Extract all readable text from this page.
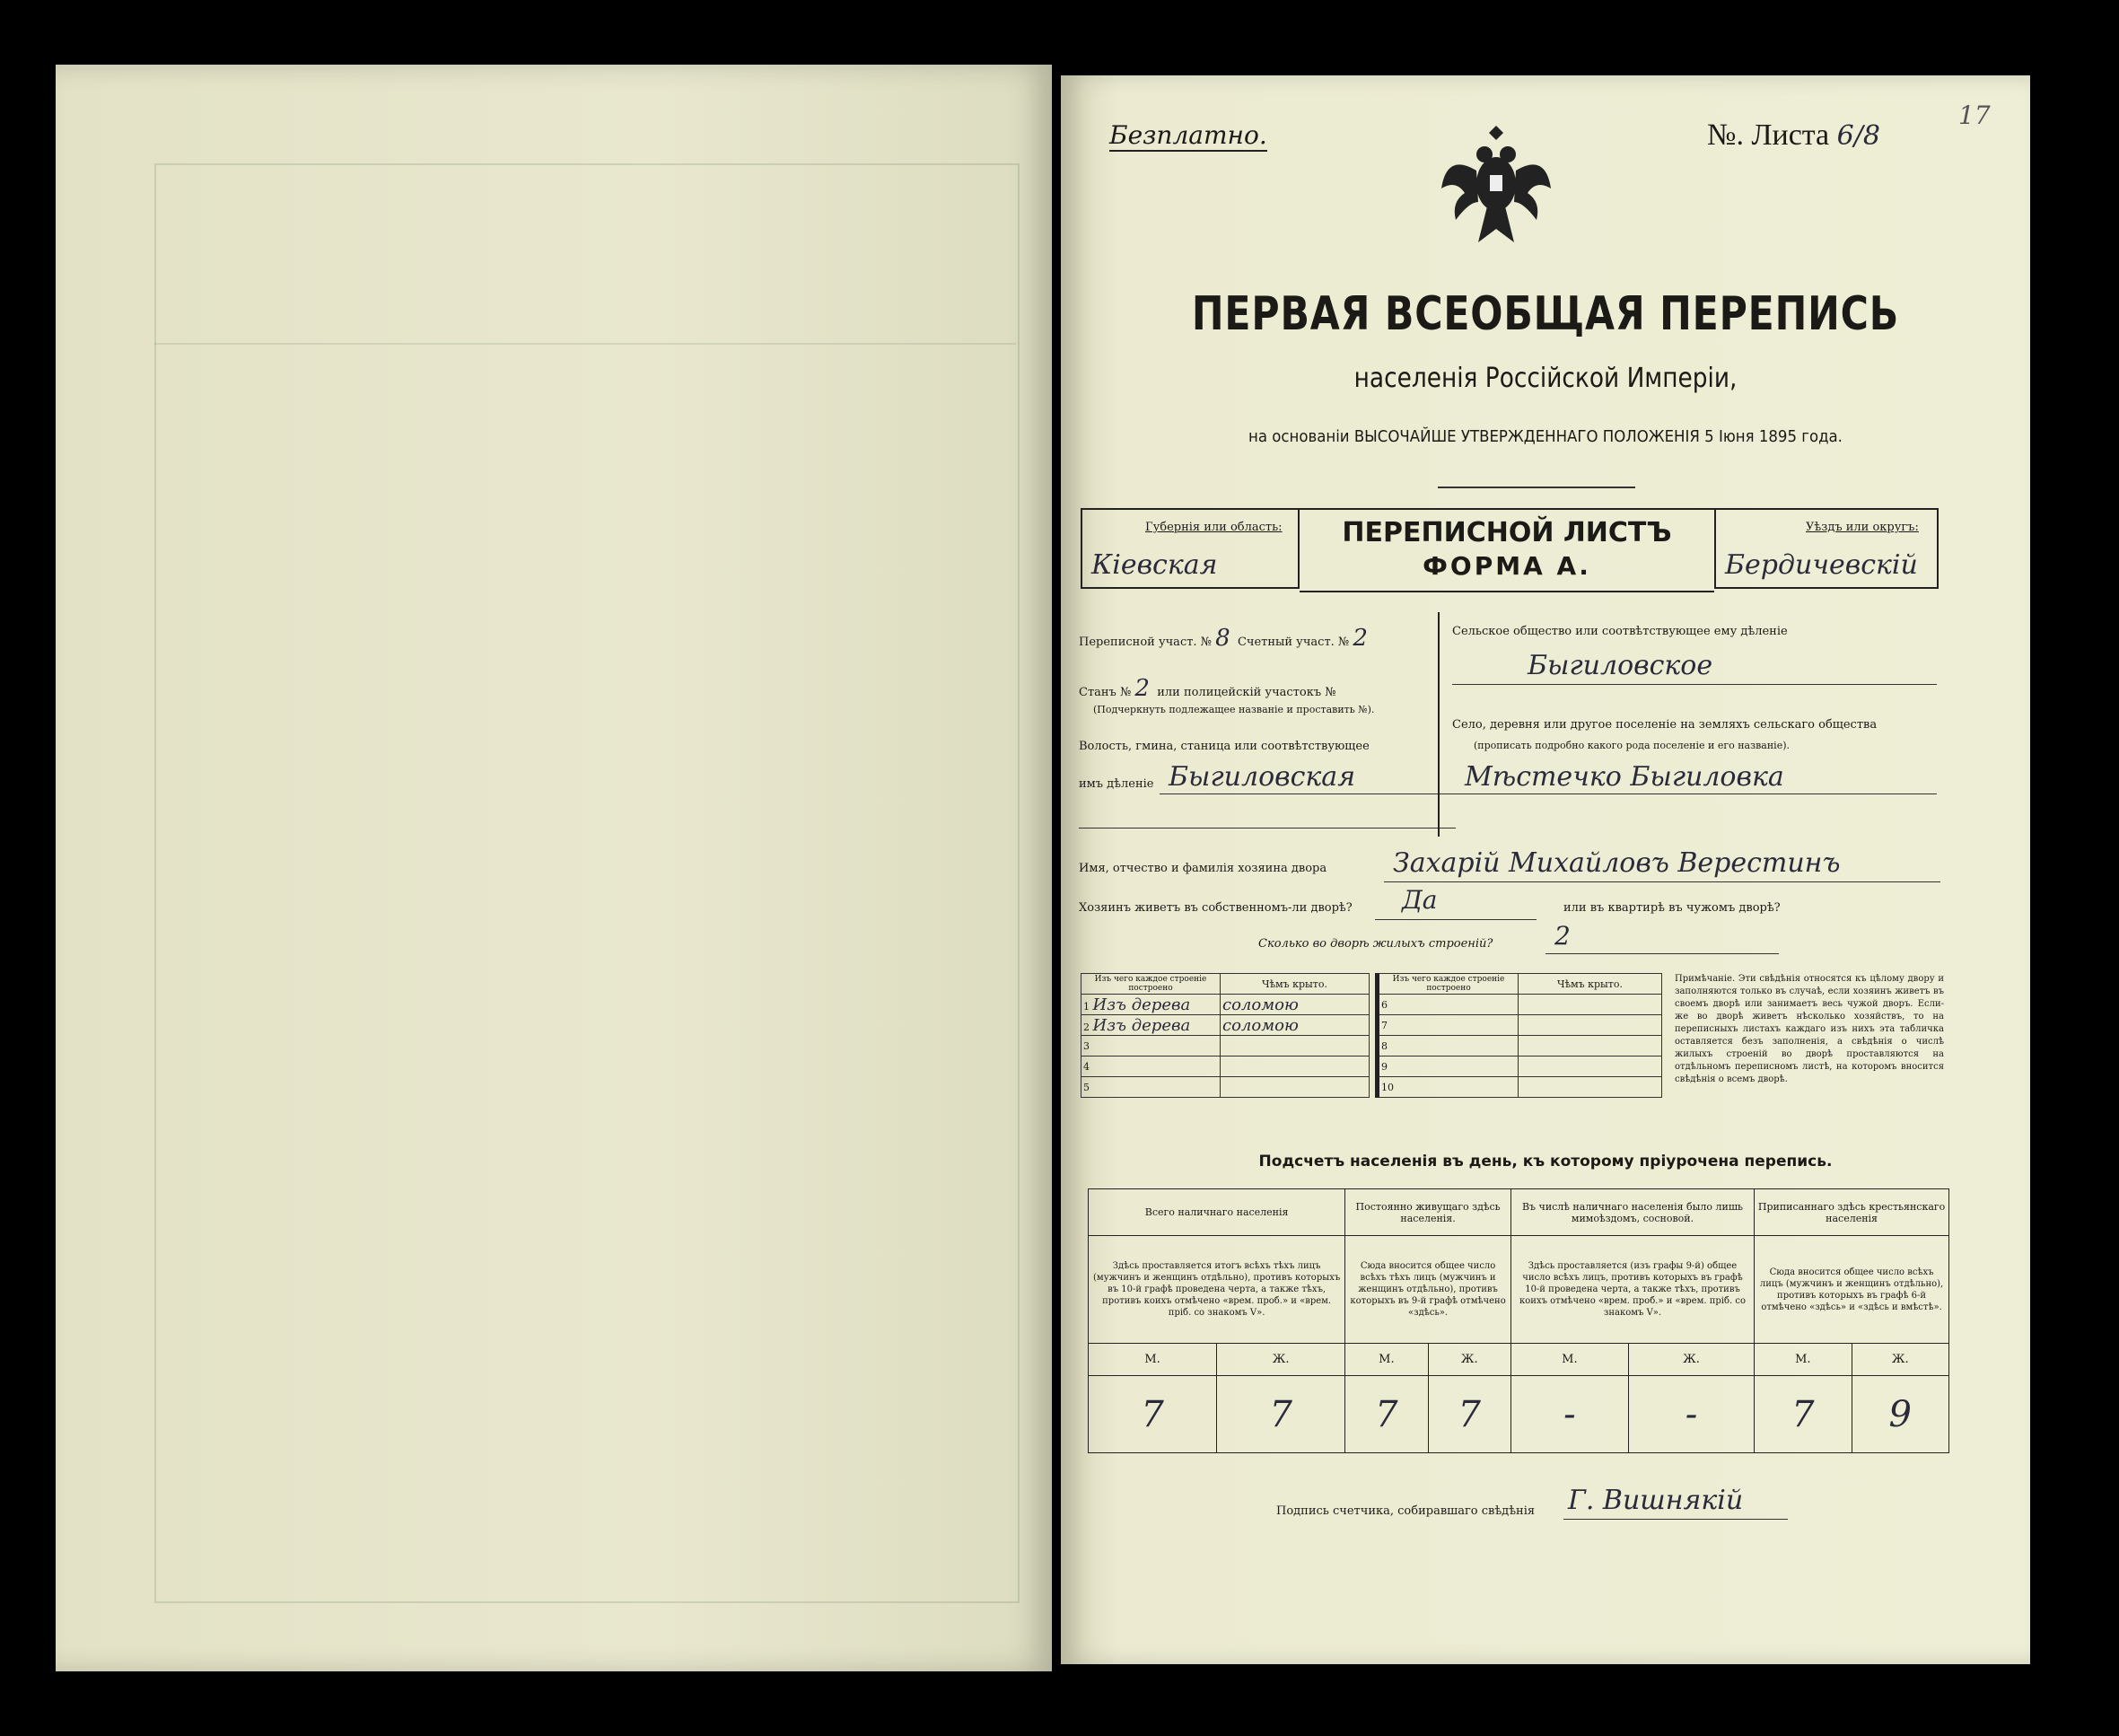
Безплатно.	№. Листа 6/8
17
ПЕРВАЯ ВСЕОБЩАЯ ПЕРЕПИСЬ
населенія Россійской Имперіи,
на основаніи ВЫСОЧАЙШЕ УТВЕРЖДЕННАГО ПОЛОЖЕНІЯ 5 Іюня 1895 года.
Губернія или область:
Кіевская
ПЕРЕПИСНОЙ ЛИСТЪ
ФОРМА А.
Уѣздъ или округъ:
Бердичевскій
Переписной участ. № 8 Счетный участ. № 2
Станъ № 2 или полицейскій участокъ №
(Подчеркнуть подлежащее названіе и проставить №).
Волость, гмина, станица или соотвѣтствующее
имъ дѣленіе Быгиловская
Сельское общество или соотвѣтствующее ему дѣленіе
Быгиловское
Село, деревня или другое поселеніе на земляхъ сельскаго общества
(прописать подробно какого рода поселеніе и его названіе).
Мѣстечко Быгиловка
Имя, отчество и фамилія хозяина двора Захарій Михайловъ Верестинъ
Хозяинъ живетъ въ собственномъ-ли дворѣ? Да	или въ квартирѣ въ чужомъ дворѣ?
Сколько во дворѣ жилыхъ строеній? 2
Изъ чего каждое строеніе построено	Чѣмъ крыто.
1 Изъ дерева	соломою
2 Изъ дерева	соломою
3	
4	
5	
Изъ чего каждое строеніе построено	Чѣмъ крыто.
6	
7	
8	
9	
10	
Примѣчаніе. Эти свѣдѣнія относятся къ цѣлому двору и заполняются только въ случаѣ, если хозяинъ живетъ въ своемъ дворѣ или занимаетъ весь чужой дворъ. Если-же во дворѣ живетъ нѣсколько хозяйствъ, то на переписныхъ листахъ каждаго изъ нихъ эта табличка оставляется безъ заполненія, а свѣдѣнія о числѣ жилыхъ строеній во дворѣ проставляются на отдѣльномъ переписномъ листѣ, на которомъ вносится свѣдѣнія о всемъ дворѣ.
Подсчетъ населенія въ день, къ которому пріурочена перепись.
Всего наличнаго населенія		Постоянно живущаго здѣсь населенія.		Въ числѣ наличнаго населенія было лишь мимоѣздомъ, сосновой.		Приписаннаго здѣсь крестьянскаго населенія	
Здѣсь проставляется итогъ всѣхъ тѣхъ лицъ (мужчинъ и женщинъ отдѣльно), противъ которыхъ въ 10-й графѣ проведена черта, а также тѣхъ, противъ коихъ отмѣчено «врем. проб.» и «врем. пріб. со знакомъ V».		Сюда вносится общее число всѣхъ тѣхъ лицъ (мужчинъ и женщинъ отдѣльно), противъ которыхъ въ 9-й графѣ отмѣчено «здѣсь».		Здѣсь проставляется (изъ графы 9-й) общее число всѣхъ лицъ, противъ которыхъ въ графѣ 10-й проведена черта, а также тѣхъ, противъ коихъ отмѣчено «врем. проб.» и «врем. пріб. со знакомъ V».		Сюда вносится общее число всѣхъ лицъ (мужчинъ и женщинъ отдѣльно), противъ которыхъ въ графѣ 6-й отмѣчено «здѣсь» и «здѣсь и вмѣстѣ».	
М.	Ж.	М.	Ж.	М.	Ж.	М.	Ж.
7	7	7	7	-	-	7	9
Подпись счетчика, собиравшаго свѣдѣнія Г. Вишнякій
